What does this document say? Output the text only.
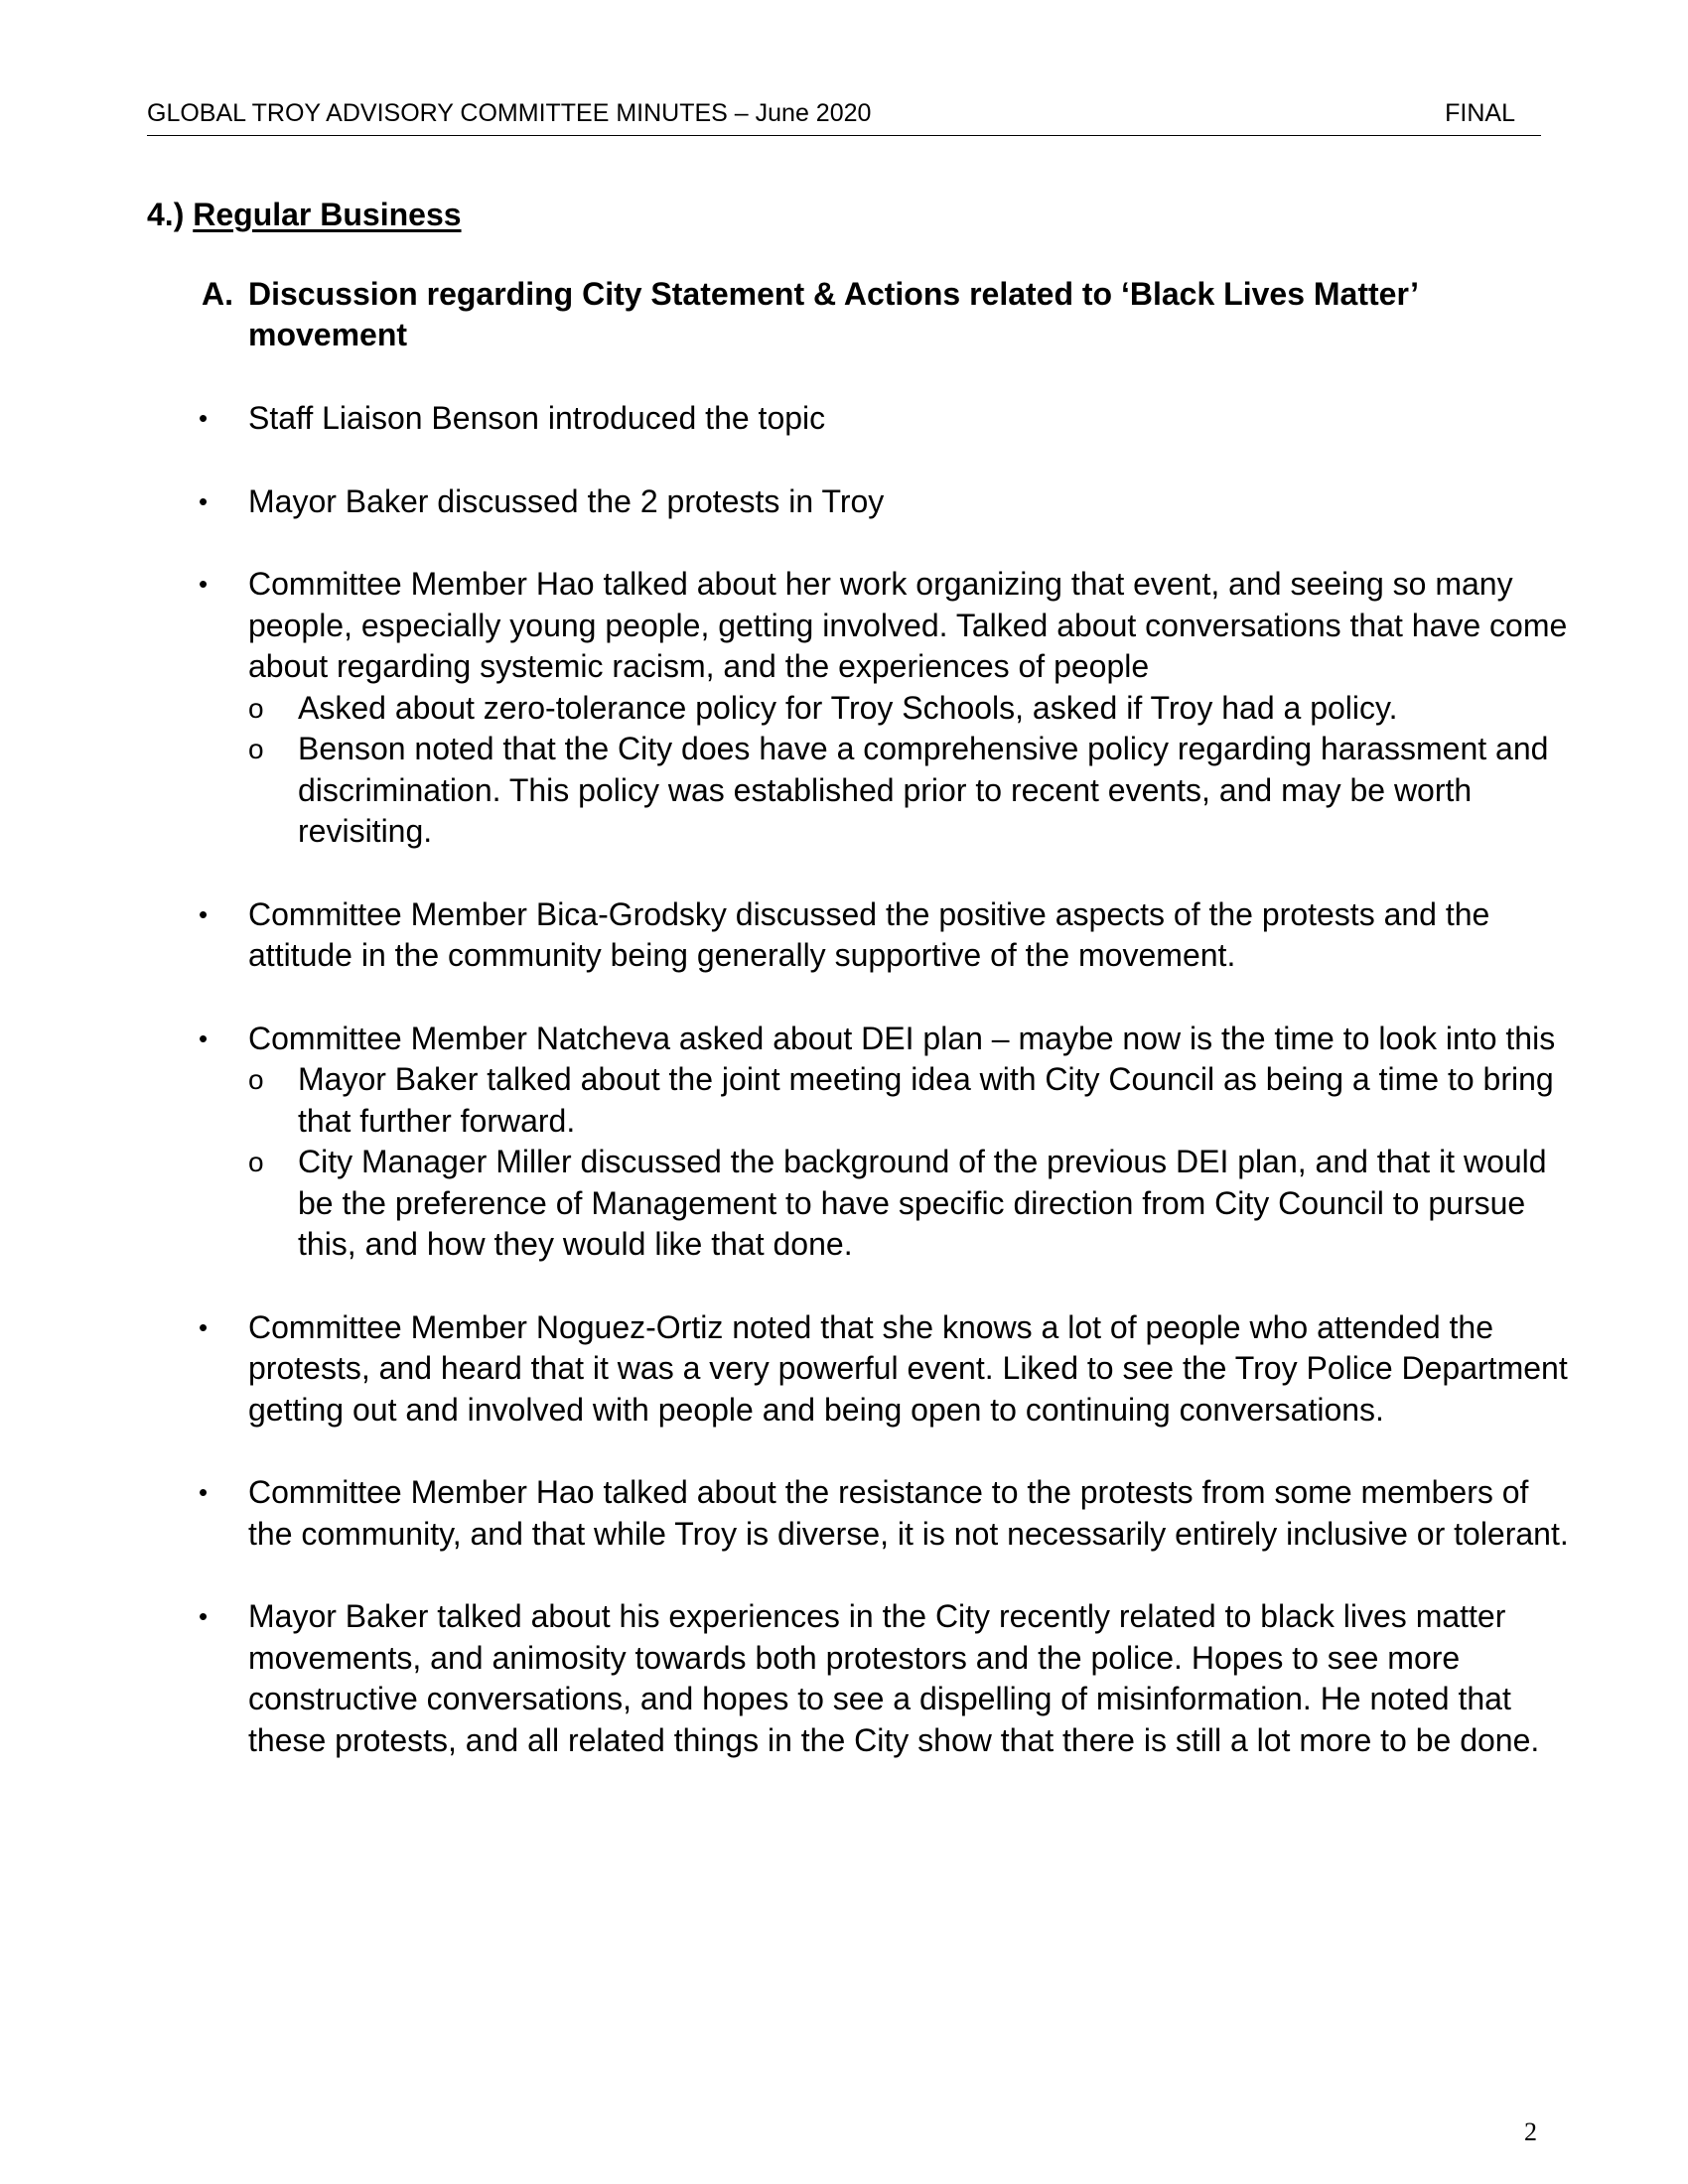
GLOBAL TROY ADVISORY COMMITTEE MINUTES – June 2020	FINAL
4.) Regular Business
A. Discussion regarding City Statement & Actions related to ‘Black Lives Matter’ movement
• Staff Liaison Benson introduced the topic
• Mayor Baker discussed the 2 protests in Troy
• Committee Member Hao talked about her work organizing that event, and seeing so many people, especially young people, getting involved. Talked about conversations that have come about regarding systemic racism, and the experiences of people
o Asked about zero-tolerance policy for Troy Schools, asked if Troy had a policy.
o Benson noted that the City does have a comprehensive policy regarding harassment and discrimination. This policy was established prior to recent events, and may be worth revisiting.
• Committee Member Bica-Grodsky discussed the positive aspects of the protests and the attitude in the community being generally supportive of the movement.
• Committee Member Natcheva asked about DEI plan – maybe now is the time to look into this
o Mayor Baker talked about the joint meeting idea with City Council as being a time to bring that further forward.
o City Manager Miller discussed the background of the previous DEI plan, and that it would be the preference of Management to have specific direction from City Council to pursue this, and how they would like that done.
• Committee Member Noguez-Ortiz noted that she knows a lot of people who attended the protests, and heard that it was a very powerful event. Liked to see the Troy Police Department getting out and involved with people and being open to continuing conversations.
• Committee Member Hao talked about the resistance to the protests from some members of the community, and that while Troy is diverse, it is not necessarily entirely inclusive or tolerant.
• Mayor Baker talked about his experiences in the City recently related to black lives matter movements, and animosity towards both protestors and the police. Hopes to see more constructive conversations, and hopes to see a dispelling of misinformation. He noted that these protests, and all related things in the City show that there is still a lot more to be done.
2
